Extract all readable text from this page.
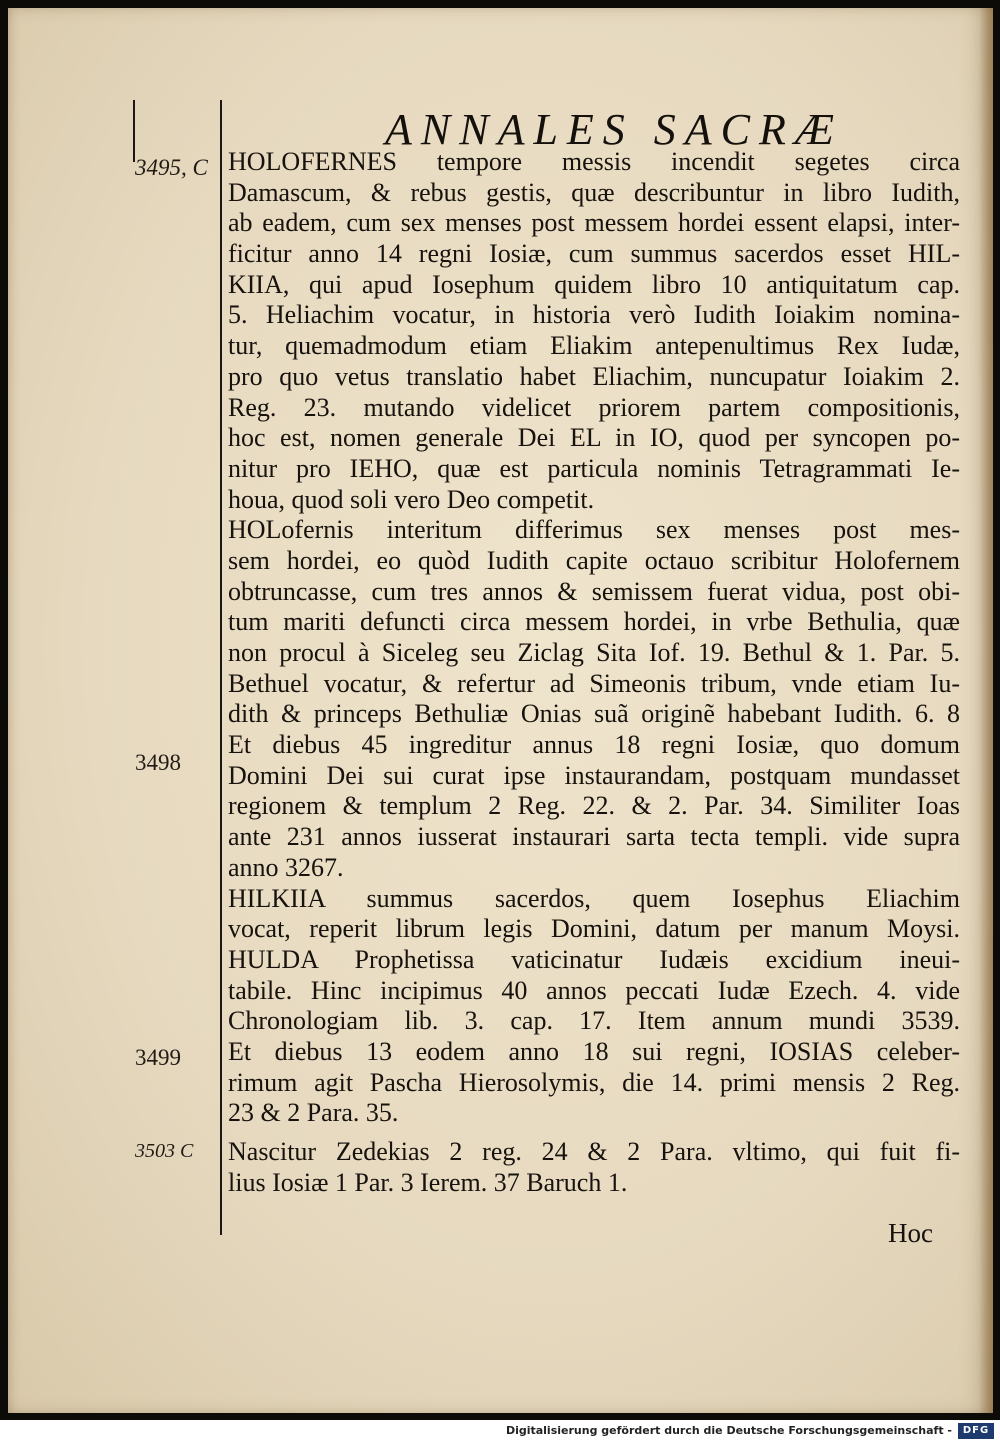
ANNALES SACRÆ
3495, C
3498
3499
3503 C
HOLOFERNES tempore messis incendit segetes circa
Damascum, & rebus gestis, quæ describuntur in libro Iudith,
ab eadem, cum sex menses post messem hordei essent elapsi, inter-
ficitur anno 14 regni Iosiæ, cum summus sacerdos esset HIL-
KIIA, qui apud Iosephum quidem libro 10 antiquitatum cap.
5. Heliachim vocatur, in historia verò Iudith Ioiakim nomina-
tur, quemadmodum etiam Eliakim antepenultimus Rex Iudæ,
pro quo vetus translatio habet Eliachim, nuncupatur Ioiakim 2.
Reg. 23. mutando videlicet priorem partem compositionis,
hoc est, nomen generale Dei EL in IO, quod per syncopen po-
nitur pro IEHO, quæ est particula nominis Tetragrammati Ie-
houa, quod soli vero Deo competit.
HOLofernis interitum differimus sex menses post mes-
sem hordei, eo quòd Iudith capite octauo scribitur Holofernem
obtruncasse, cum tres annos & semissem fuerat vidua, post obi-
tum mariti defuncti circa messem hordei, in vrbe Bethulia, quæ
non procul à Siceleg seu Ziclag Sita Iof. 19. Bethul & 1. Par. 5.
Bethuel vocatur, & refertur ad Simeonis tribum, vnde etiam Iu-
dith & princeps Bethuliæ Onias suã originẽ habebant Iudith. 6. 8
Et diebus 45 ingreditur annus 18 regni Iosiæ, quo domum
Domini Dei sui curat ipse instaurandam, postquam mundasset
regionem & templum 2 Reg. 22. & 2. Par. 34. Similiter Ioas
ante 231 annos iusserat instaurari sarta tecta templi. vide supra
anno 3267.
HILKIIA summus sacerdos, quem Iosephus Eliachim
vocat, reperit librum legis Domini, datum per manum Moysi.
HULDA Prophetissa vaticinatur Iudæis excidium ineui-
tabile. Hinc incipimus 40 annos peccati Iudæ Ezech. 4. vide
Chronologiam lib. 3. cap. 17. Item annum mundi 3539.
Et diebus 13 eodem anno 18 sui regni, IOSIAS celeber-
rimum agit Pascha Hierosolymis, die 14. primi mensis 2 Reg.
23 & 2 Para. 35.
Nascitur Zedekias 2 reg. 24 & 2 Para. vltimo, qui fuit fi-
lius Iosiæ 1 Par. 3 Ierem. 37 Baruch 1.
Hoc
Digitalisierung gefördert durch die Deutsche Forschungsgemeinschaft -	DFG
